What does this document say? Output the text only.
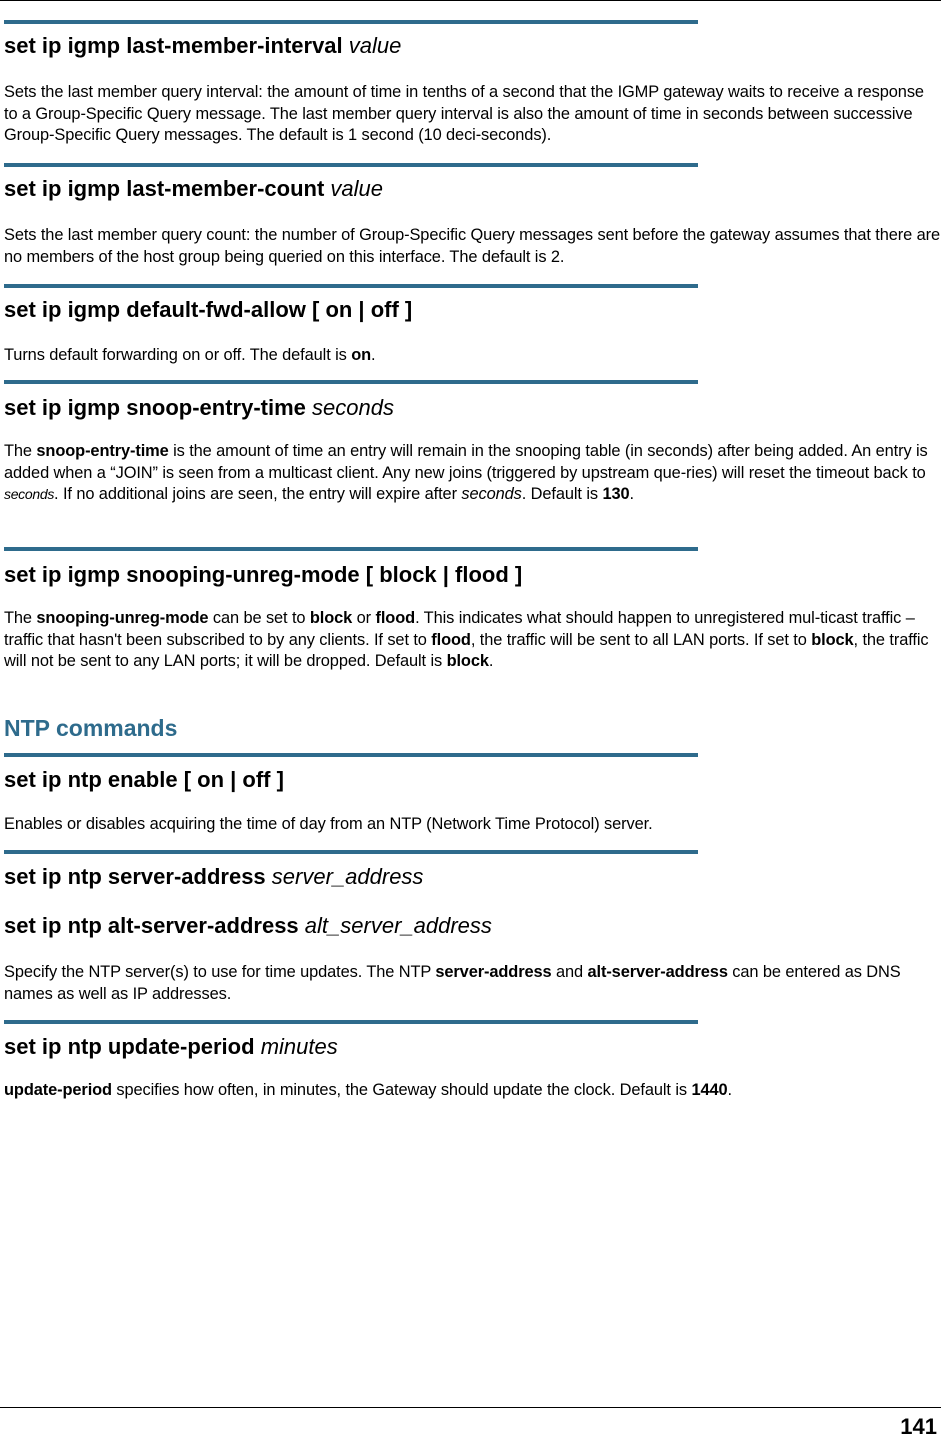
set ip igmp last-member-interval value

Sets the last member query interval: the amount of time in tenths of a second that the IGMP gateway waits to receive a response to a Group-Specific Query message. The last member query interval is also the amount of time in seconds between successive Group-Specific Query messages. The default is 1 second (10 deci-seconds).

set ip igmp last-member-count value

Sets the last member query count: the number of Group-Specific Query messages sent before the gateway assumes that there are no members of the host group being queried on this interface. The default is 2.

set ip igmp default-fwd-allow [ on | off ]

Turns default forwarding on or off. The default is on.

set ip igmp snoop-entry-time seconds

The snoop-entry-time is the amount of time an entry will remain in the snooping table (in seconds) after being added. An entry is added when a “JOIN” is seen from a multicast client. Any new joins (triggered by upstream que-ries) will reset the timeout back to seconds. If no additional joins are seen, the entry will expire after seconds. Default is 130.

set ip igmp snooping-unreg-mode [ block | flood ]

The snooping-unreg-mode can be set to block or flood. This indicates what should happen to unregistered mul-ticast traffic – traffic that hasn't been subscribed to by any clients. If set to flood, the traffic will be sent to all LAN ports. If set to block, the traffic will not be sent to any LAN ports; it will be dropped. Default is block.

NTP commands
set ip ntp enable [ on | off ]

Enables or disables acquiring the time of day from an NTP (Network Time Protocol) server.

set ip ntp server-address server_address
set ip ntp alt-server-address alt_server_address

Specify the NTP server(s) to use for time updates. The NTP server-address and alt-server-address can be entered as DNS names as well as IP addresses.

set ip ntp update-period minutes

update-period specifies how often, in minutes, the Gateway should update the clock. Default is 1440.

141
